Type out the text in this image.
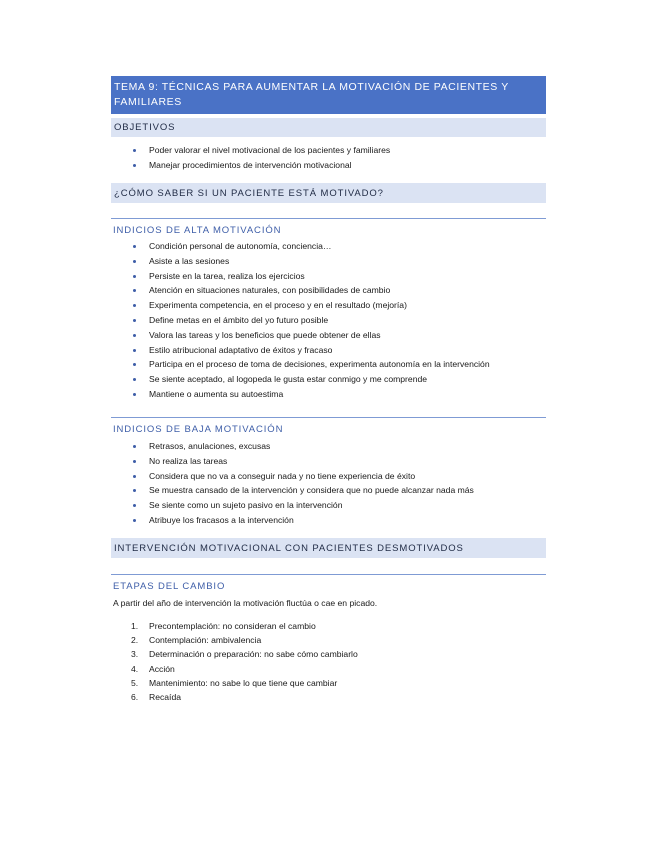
TEMA 9: TÉCNICAS PARA AUMENTAR LA MOTIVACIÓN DE PACIENTES Y FAMILIARES
OBJETIVOS
Poder valorar el nivel motivacional de los pacientes y familiares
Manejar procedimientos de intervención motivacional
¿CÓMO SABER SI UN PACIENTE ESTÁ MOTIVADO?
INDICIOS DE ALTA MOTIVACIÓN
Condición personal de autonomía, conciencia…
Asiste a las sesiones
Persiste en la tarea, realiza los ejercicios
Atención en situaciones naturales, con posibilidades de cambio
Experimenta competencia, en el proceso y en el resultado (mejoría)
Define metas en el ámbito del yo futuro posible
Valora las tareas y los beneficios que puede obtener de ellas
Estilo atribucional adaptativo de éxitos y fracaso
Participa en el proceso de toma de decisiones, experimenta autonomía en la intervención
Se siente aceptado, al logopeda le gusta estar conmigo y me comprende
Mantiene o aumenta su autoestima
INDICIOS DE BAJA MOTIVACIÓN
Retrasos, anulaciones, excusas
No realiza las tareas
Considera que no va a conseguir nada y no tiene experiencia de éxito
Se muestra cansado de la intervención y considera que no puede alcanzar nada más
Se siente como un sujeto pasivo en la intervención
Atribuye los fracasos a la intervención
INTERVENCIÓN MOTIVACIONAL CON PACIENTES DESMOTIVADOS
ETAPAS DEL CAMBIO
A partir del año de intervención la motivación fluctúa o cae en picado.
1. Precontemplación: no consideran el cambio
2. Contemplación: ambivalencia
3. Determinación o preparación: no sabe cómo cambiarlo
4. Acción
5. Mantenimiento: no sabe lo que tiene que cambiar
6. Recaída
